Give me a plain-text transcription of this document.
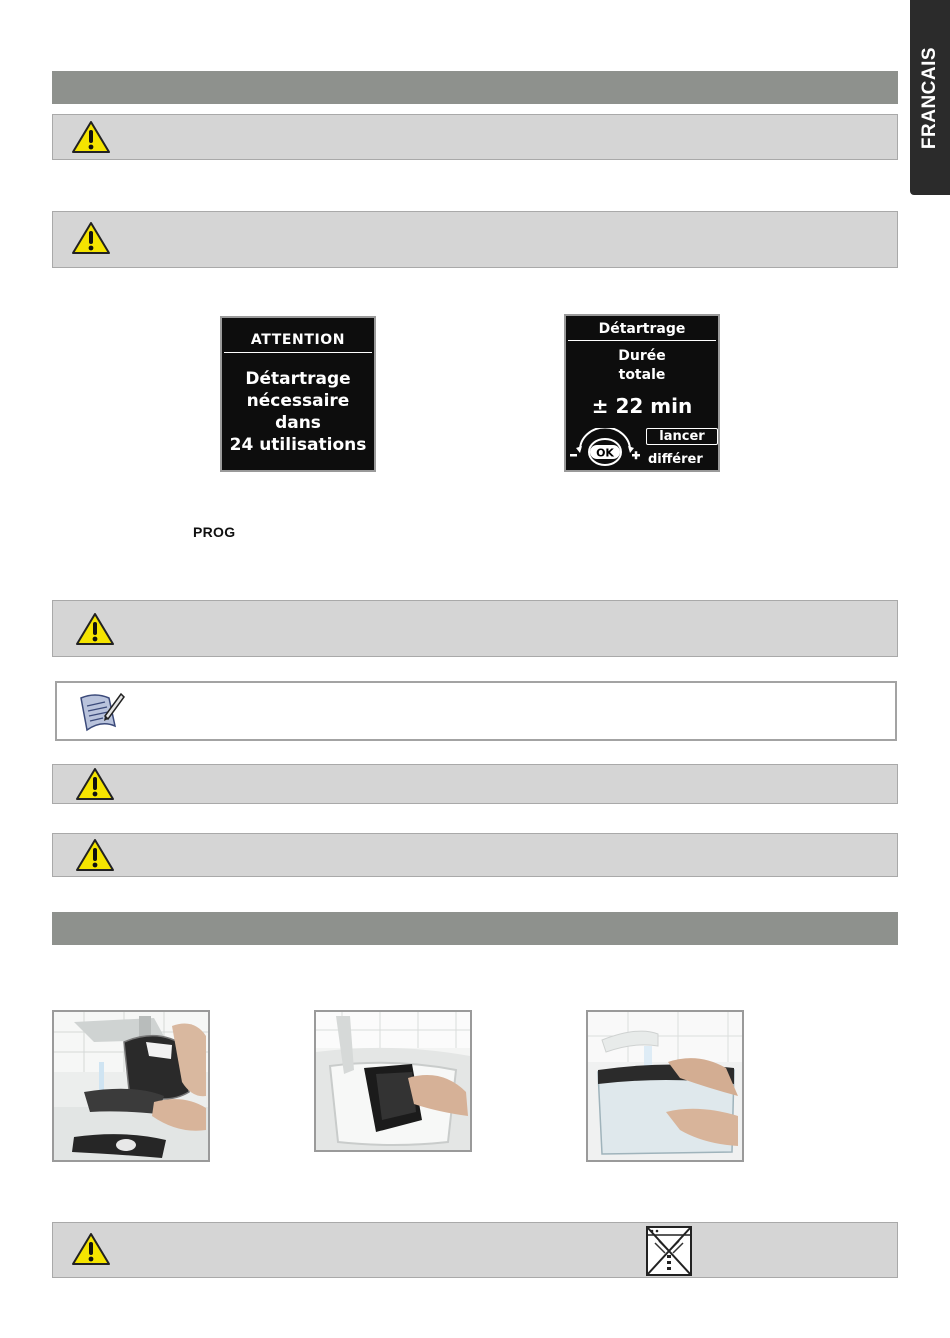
FRANCAIS
ATTENTION
Détartrage
nécessaire
dans
24 utilisations
Détartrage
Durée
totale
± 22 min
OK
lancer
différer
PROG
